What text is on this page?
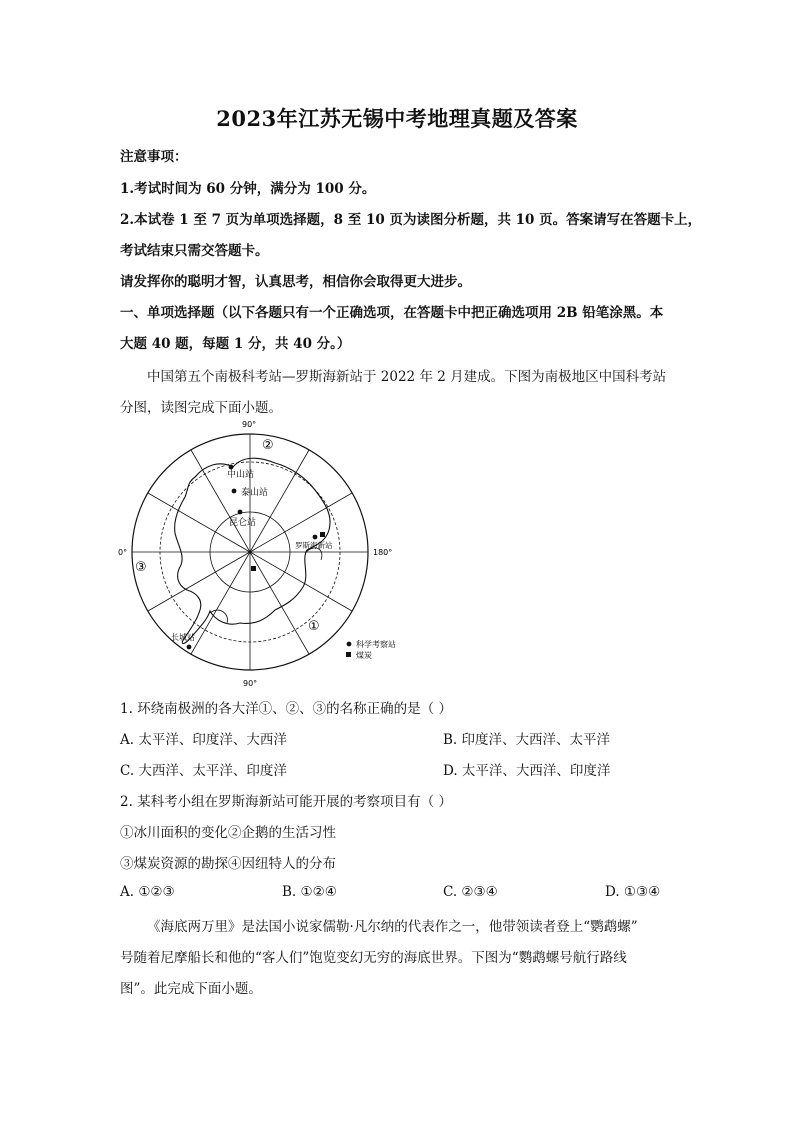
2023年江苏无锡中考地理真题及答案
注意事项：
1.考试时间为 60 分钟，满分为 100 分。
2.本试卷 1 至 7 页为单项选择题，8 至 10 页为读图分析题，共 10 页。答案请写在答题卡上，
考试结束只需交答题卡。
请发挥你的聪明才智，认真思考，相信你会取得更大进步。
一、单项选择题（以下各题只有一个正确选项，在答题卡中把正确选项用 2B 铅笔涂黑。本
大题 40 题，每题 1 分，共 40 分。）
中国第五个南极科考站—罗斯海新站于 2022 年 2 月建成。下图为南极地区中国科考站
分图，读图完成下面小题。
90°
90°
0°	180°
②
③
①
中山站
泰山站
昆仑站
罗斯海新站
长城站
科学考察站
煤炭
1. 环绕南极洲的各大洋①、②、③的名称正确的是（ ）
A. 太平洋、印度洋、大西洋	B. 印度洋、大西洋、太平洋
C. 大西洋、太平洋、印度洋	D. 太平洋、大西洋、印度洋
2. 某科考小组在罗斯海新站可能开展的考察项目有（ ）
①冰川面积的变化②企鹅的生活习性
③煤炭资源的勘探④因纽特人的分布
A. ①②③	B. ①②④	C. ②③④	D. ①③④
《海底两万里》是法国小说家儒勒·凡尔纳的代表作之一，他带领读者登上“鹦鹉螺”
号随着尼摩船长和他的“客人们”饱览变幻无穷的海底世界。下图为“鹦鹉螺号航行路线
图”。此完成下面小题。
